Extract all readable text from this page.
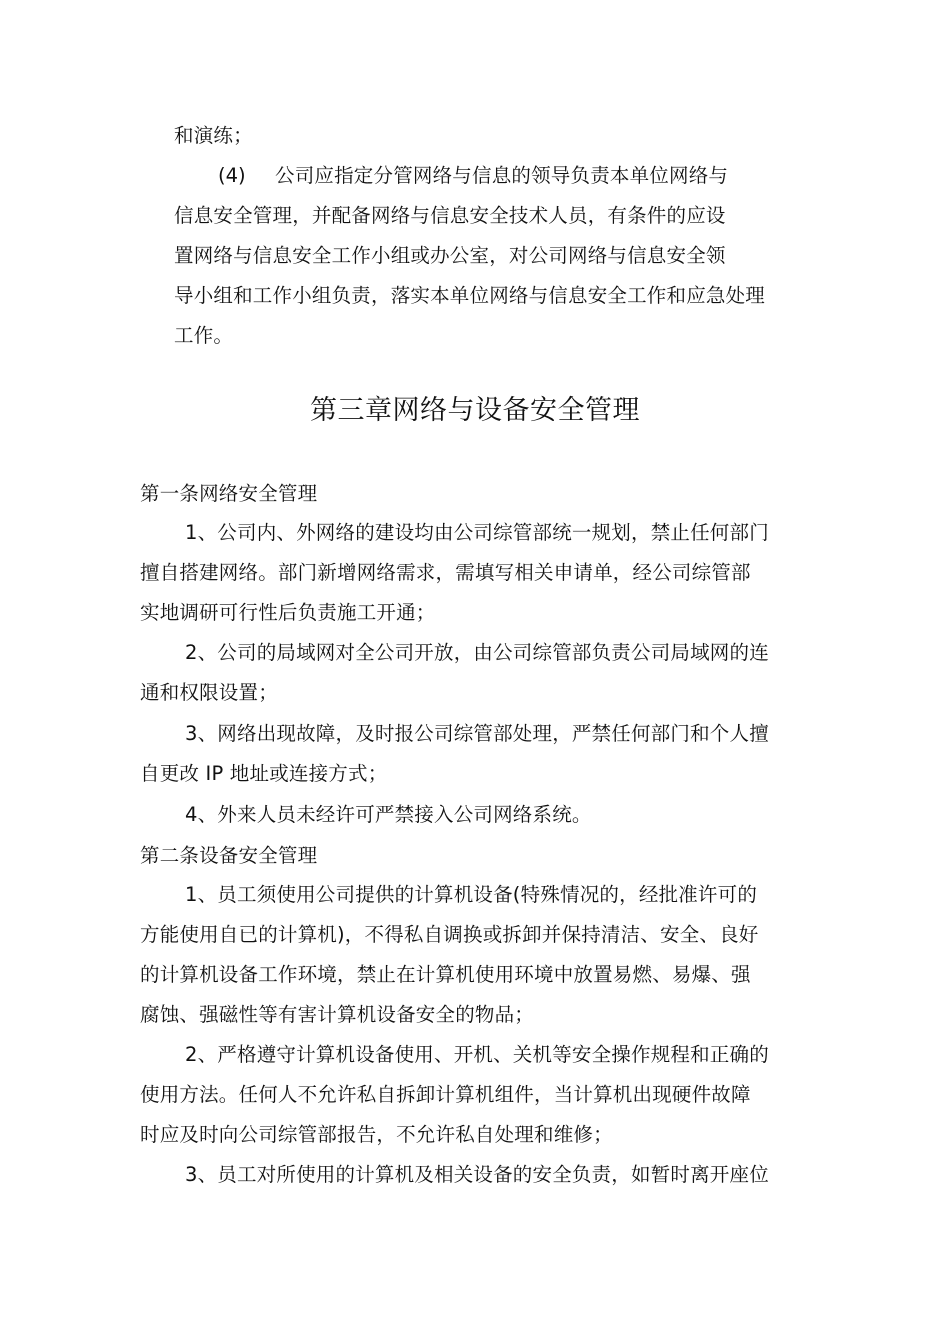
和演练；
(4) 公司应指定分管网络与信息的领导负责本单位网络与
信息安全管理，并配备网络与信息安全技术人员，有条件的应设
置网络与信息安全工作小组或办公室，对公司网络与信息安全领
导小组和工作小组负责，落实本单位网络与信息安全工作和应急处理
工作。
第三章网络与设备安全管理
第一条网络安全管理
1、公司内、外网络的建设均由公司综管部统一规划，禁止任何部门
擅自搭建网络。部门新增网络需求，需填写相关申请单，经公司综管部
实地调研可行性后负责施工开通；
2、公司的局域网对全公司开放，由公司综管部负责公司局域网的连
通和权限设置；
3、网络出现故障，及时报公司综管部处理，严禁任何部门和个人擅
自更改 IP 地址或连接方式；
4、外来人员未经许可严禁接入公司网络系统。
第二条设备安全管理
1、员工须使用公司提供的计算机设备(特殊情况的，经批准许可的
方能使用自已的计算机)，不得私自调换或拆卸并保持清洁、安全、良好
的计算机设备工作环境，禁止在计算机使用环境中放置易燃、易爆、强
腐蚀、强磁性等有害计算机设备安全的物品；
2、严格遵守计算机设备使用、开机、关机等安全操作规程和正确的
使用方法。任何人不允许私自拆卸计算机组件，当计算机出现硬件故障
时应及时向公司综管部报告，不允许私自处理和维修；
3、员工对所使用的计算机及相关设备的安全负责，如暂时离开座位
